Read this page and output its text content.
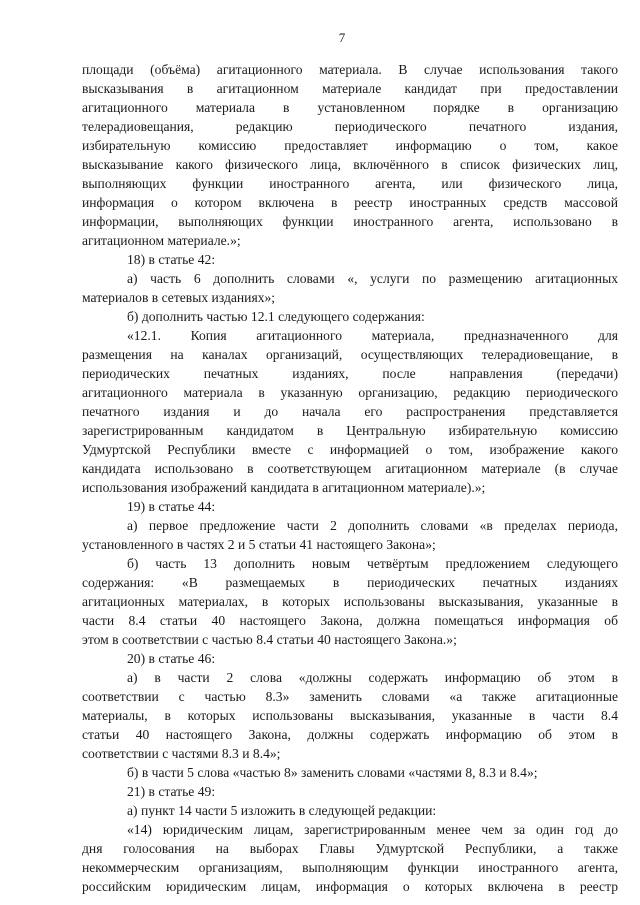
7
площади (объёма) агитационного материала. В случае использования такого
высказывания в агитационном материале кандидат при предоставлении
агитационного материала в установленном порядке в организацию
телерадиовещания, редакцию периодического печатного издания,
избирательную комиссию предоставляет информацию о том, какое
высказывание какого физического лица, включённого в список физических лиц,
выполняющих функции иностранного агента, или физического лица,
информация о котором включена в реестр иностранных средств массовой
информации, выполняющих функции иностранного агента, использовано в
агитационном материале.»;
18) в статье 42:
а) часть 6 дополнить словами «, услуги по размещению агитационных
материалов в сетевых изданиях»;
б) дополнить частью 12.1 следующего содержания:
«12.1. Копия агитационного материала, предназначенного для
размещения на каналах организаций, осуществляющих телерадиовещание, в
периодических печатных изданиях, после направления (передачи)
агитационного материала в указанную организацию, редакцию периодического
печатного издания и до начала его распространения представляется
зарегистрированным кандидатом в Центральную избирательную комиссию
Удмуртской Республики вместе с информацией о том, изображение какого
кандидата использовано в соответствующем агитационном материале (в случае
использования изображений кандидата в агитационном материале).»;
19) в статье 44:
а) первое предложение части 2 дополнить словами «в пределах периода,
установленного в частях 2 и 5 статьи 41 настоящего Закона»;
б) часть 13 дополнить новым четвёртым предложением следующего
содержания: «В размещаемых в периодических печатных изданиях
агитационных материалах, в которых использованы высказывания, указанные в
части 8.4 статьи 40 настоящего Закона, должна помещаться информация об
этом в соответствии с частью 8.4 статьи 40 настоящего Закона.»;
20) в статье 46:
а) в части 2 слова «должны содержать информацию об этом в
соответствии с частью 8.3» заменить словами «а также агитационные
материалы, в которых использованы высказывания, указанные в части 8.4
статьи 40 настоящего Закона, должны содержать информацию об этом в
соответствии с частями 8.3 и 8.4»;
б) в части 5 слова «частью 8» заменить словами «частями 8, 8.3 и 8.4»;
21) в статье 49:
а) пункт 14 части 5 изложить в следующей редакции:
«14) юридическим лицам, зарегистрированным менее чем за один год до
дня голосования на выборах Главы Удмуртской Республики, а также
некоммерческим организациям, выполняющим функции иностранного агента,
российским юридическим лицам, информация о которых включена в реестр
